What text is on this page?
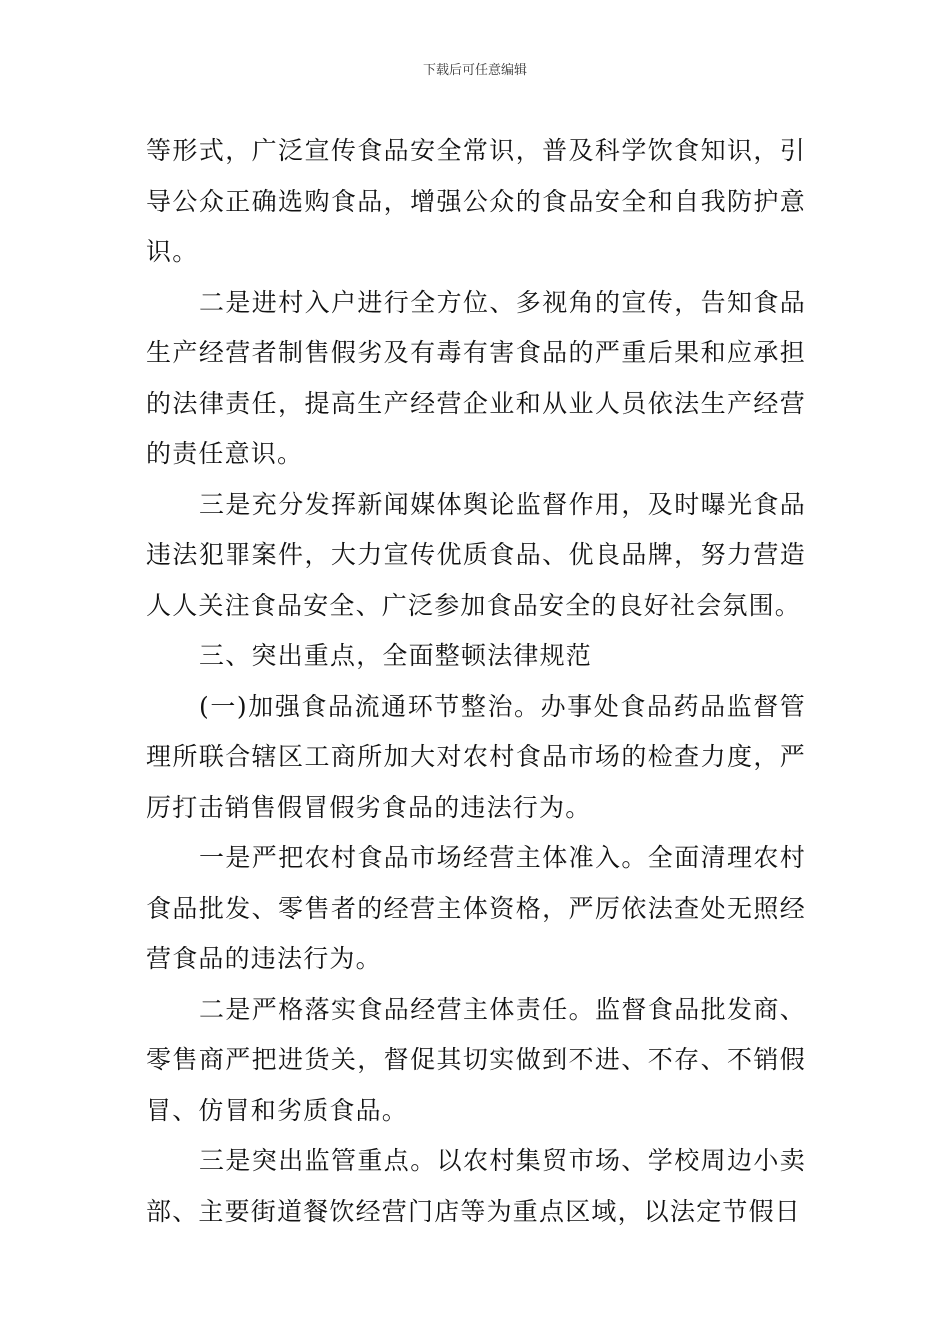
下载后可任意编辑

等形式，广泛宣传食品安全常识，普及科学饮食知识，引导公众正确选购食品，增强公众的食品安全和自我防护意识。

二是进村入户进行全方位、多视角的宣传，告知食品生产经营者制售假劣及有毒有害食品的严重后果和应承担的法律责任，提高生产经营企业和从业人员依法生产经营的责任意识。

三是充分发挥新闻媒体舆论监督作用，及时曝光食品违法犯罪案件，大力宣传优质食品、优良品牌，努力营造人人关注食品安全、广泛参加食品安全的良好社会氛围。

三、突出重点，全面整顿法律规范

(一)加强食品流通环节整治。办事处食品药品监督管理所联合辖区工商所加大对农村食品市场的检查力度，严厉打击销售假冒假劣食品的违法行为。

一是严把农村食品市场经营主体准入。全面清理农村食品批发、零售者的经营主体资格，严厉依法查处无照经营食品的违法行为。

二是严格落实食品经营主体责任。监督食品批发商、零售商严把进货关，督促其切实做到不进、不存、不销假冒、仿冒和劣质食品。

三是突出监管重点。以农村集贸市场、学校周边小卖部、主要街道餐饮经营门店等为重点区域，以法定节假日
